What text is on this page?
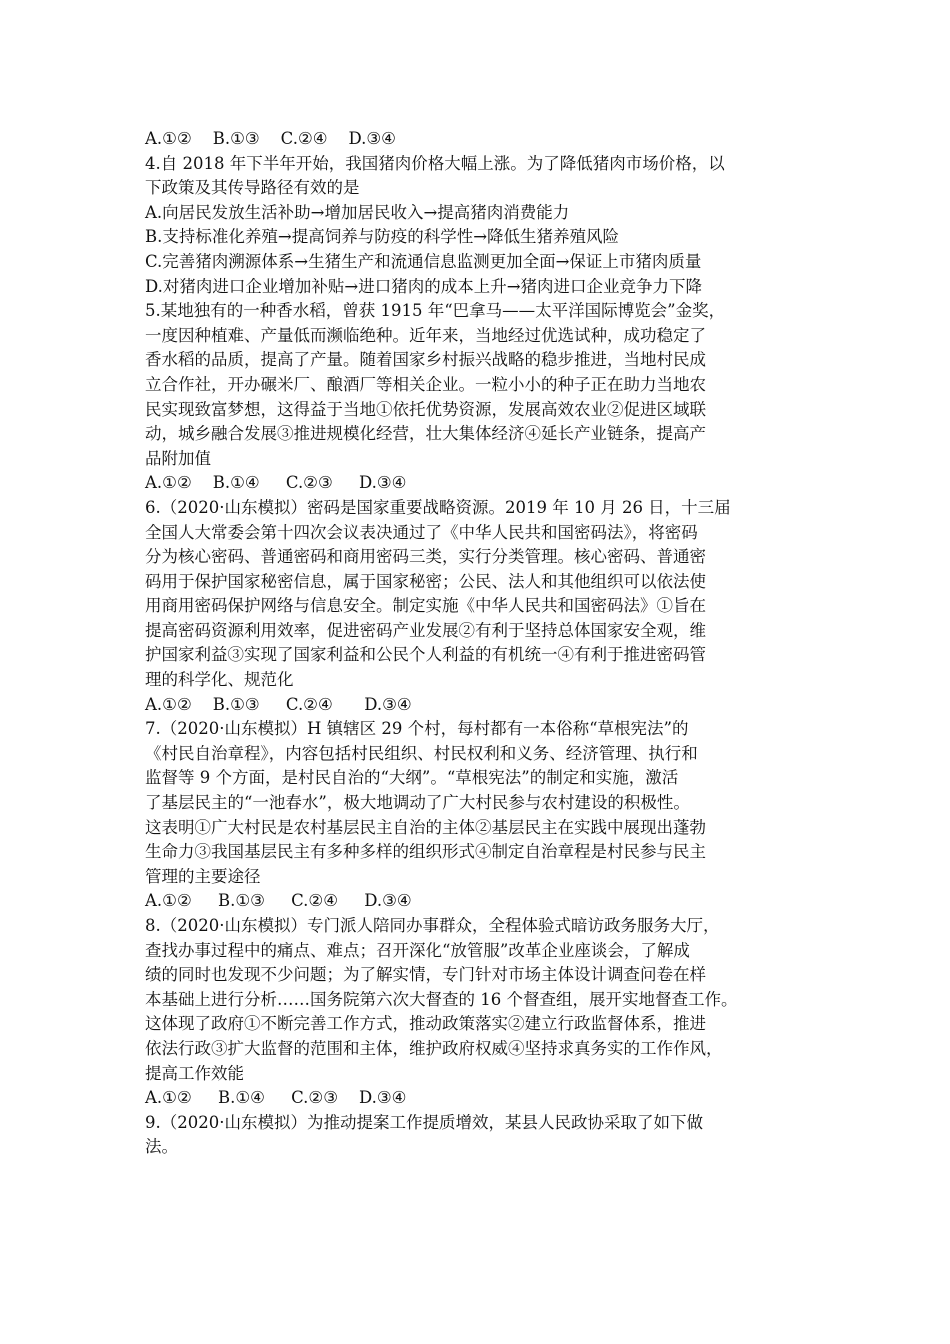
A.①②    B.①③    C.②④    D.③④
4.自 2018 年下半年开始，我国猪肉价格大幅上涨。为了降低猪肉市场价格，以
下政策及其传导路径有效的是
A.向居民发放生活补助→增加居民收入→提高猪肉消费能力
B.支持标准化养殖→提高饲养与防疫的科学性→降低生猪养殖风险
C.完善猪肉溯源体系→生猪生产和流通信息监测更加全面→保证上市猪肉质量
D.对猪肉进口企业增加补贴→进口猪肉的成本上升→猪肉进口企业竞争力下降
5.某地独有的一种香水稻，曾获 1915 年“巴拿马——太平洋国际博览会”金奖，
一度因种植难、产量低而濒临绝种。近年来，当地经过优选试种，成功稳定了
香水稻的品质，提高了产量。随着国家乡村振兴战略的稳步推进，当地村民成
立合作社，开办碾米厂、酿酒厂等相关企业。一粒小小的种子正在助力当地农
民实现致富梦想，这得益于当地①依托优势资源，发展高效农业②促进区域联
动，城乡融合发展③推进规模化经营，壮大集体经济④延长产业链条，提高产
品附加值
A.①②    B.①④     C.②③     D.③④
6.（2020·山东模拟）密码是国家重要战略资源。2019 年 10 月 26 日，十三届
全国人大常委会第十四次会议表决通过了《中华人民共和国密码法》，将密码
分为核心密码、普通密码和商用密码三类，实行分类管理。核心密码、普通密
码用于保护国家秘密信息，属于国家秘密；公民、法人和其他组织可以依法使
用商用密码保护网络与信息安全。制定实施《中华人民共和国密码法》①旨在
提高密码资源利用效率，促进密码产业发展②有利于坚持总体国家安全观，维
护国家利益③实现了国家利益和公民个人利益的有机统一④有利于推进密码管
理的科学化、规范化
A.①②    B.①③     C.②④      D.③④
7.（2020·山东模拟）H 镇辖区 29 个村，每村都有一本俗称“草根宪法”的
《村民自治章程》，内容包括村民组织、村民权利和义务、经济管理、执行和
监督等 9 个方面，是村民自治的“大纲”。“草根宪法”的制定和实施，激活
了基层民主的“一池春水”，极大地调动了广大村民参与农村建设的积极性。
这表明①广大村民是农村基层民主自治的主体②基层民主在实践中展现出蓬勃
生命力③我国基层民主有多种多样的组织形式④制定自治章程是村民参与民主
管理的主要途径
A.①②     B.①③     C.②④     D.③④
8.（2020·山东模拟）专门派人陪同办事群众，全程体验式暗访政务服务大厅，
查找办事过程中的痛点、难点；召开深化“放管服”改革企业座谈会，了解成
绩的同时也发现不少问题；为了解实情，专门针对市场主体设计调查问卷在样
本基础上进行分析……国务院第六次大督查的 16 个督查组，展开实地督查工作。
这体现了政府①不断完善工作方式，推动政策落实②建立行政监督体系，推进
依法行政③扩大监督的范围和主体，维护政府权威④坚持求真务实的工作作风，
提高工作效能
A.①②     B.①④     C.②③    D.③④
9.（2020·山东模拟）为推动提案工作提质增效，某县人民政协采取了如下做
法。
